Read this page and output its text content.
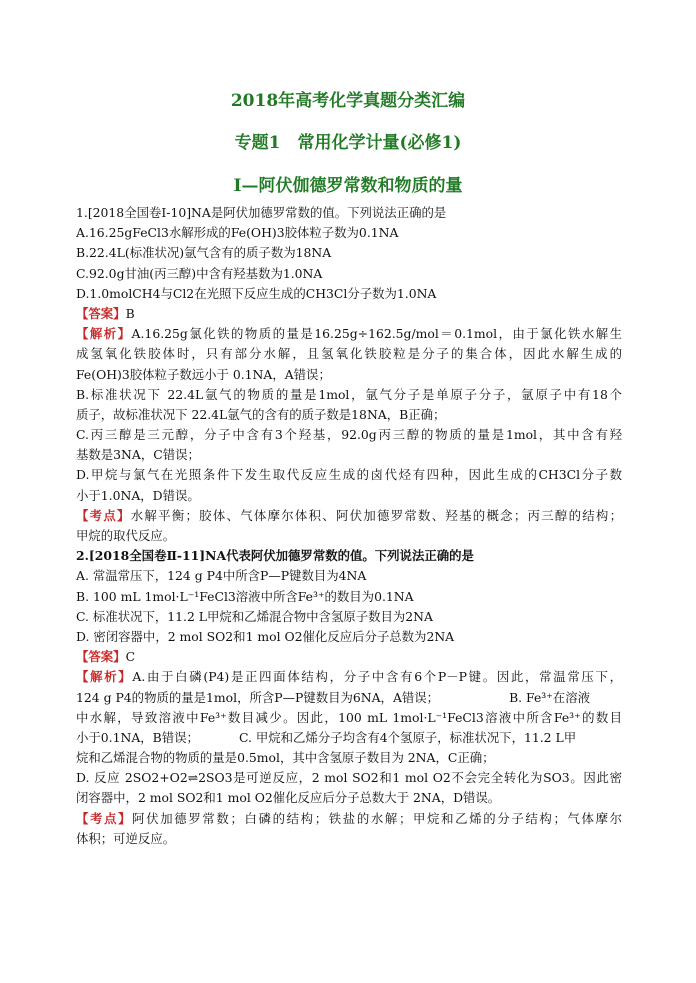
2018年高考化学真题分类汇编
专题1　常用化学计量(必修1)
Ⅰ—阿伏伽德罗常数和物质的量
1.[2018全国卷Ⅰ-10]NA是阿伏加德罗常数的值。下列说法正确的是
A.16.25gFeCl3水解形成的Fe(OH)3胶体粒子数为0.1NA
B.22.4L(标准状况)氩气含有的质子数为18NA
C.92.0g甘油(丙三醇)中含有羟基数为1.0NA
D.1.0molCH4与Cl2在光照下反应生成的CH3Cl分子数为1.0NA
【答案】B
【解析】A.16.25g氯化铁的物质的量是16.25g÷162.5g/mol＝0.1mol，由于氯化铁水解生
成氢氧化铁胶体时，只有部分水解，且氢氧化铁胶粒是分子的集合体，因此水解生成的
Fe(OH)3胶体粒子数远小于 0.1NA，A错误；
B.标准状况下 22.4L氩气的物质的量是1mol，氩气分子是单原子分子，氩原子中有18个
质子，故标准状况下 22.4L氩气的含有的质子数是18NA，B正确；
C.丙三醇是三元醇，分子中含有3个羟基，92.0g丙三醇的物质的量是1mol，其中含有羟
基数是3NA，C错误；
D.甲烷与氯气在光照条件下发生取代反应生成的卤代烃有四种，因此生成的CH3Cl分子数
小于1.0NA，D错误。
【考点】水解平衡；胶体、气体摩尔体积、阿伏加德罗常数、羟基的概念；丙三醇的结构；
甲烷的取代反应。
2.[2018全国卷Ⅱ-11]NA代表阿伏加德罗常数的值。下列说法正确的是
A. 常温常压下，124 g P4中所含P—P键数目为4NA
B. 100 mL 1mol·L⁻¹FeCl3溶液中所含Fe³⁺的数目为0.1NA
C. 标准状况下，11.2 L甲烷和乙烯混合物中含氢原子数目为2NA
D. 密闭容器中，2 mol SO2和1 mol O2催化反应后分子总数为2NA
【答案】C
【解析】A.由于白磷(P4)是正四面体结构，分子中含有6个P－P键。因此，常温常压下，
124 g P4的物质的量是1mol，所含P—P键数目为6NA，A错误；	B. Fe³⁺在溶液
中水解，导致溶液中Fe³⁺数目减少。因此，100 mL 1mol·L⁻¹FeCl3溶液中所含Fe³⁺的数目
小于0.1NA，B错误；	C. 甲烷和乙烯分子均含有4个氢原子，标准状况下，11.2 L甲
烷和乙烯混合物的物质的量是0.5mol，其中含氢原子数目为 2NA，C正确；
D. 反应 2SO2+O2⇌2SO3是可逆反应，2 mol SO2和1 mol O2不会完全转化为SO3。因此密
闭容器中，2 mol SO2和1 mol O2催化反应后分子总数大于 2NA，D错误。
【考点】阿伏加德罗常数；白磷的结构；铁盐的水解；甲烷和乙烯的分子结构；气体摩尔
体积；可逆反应。
